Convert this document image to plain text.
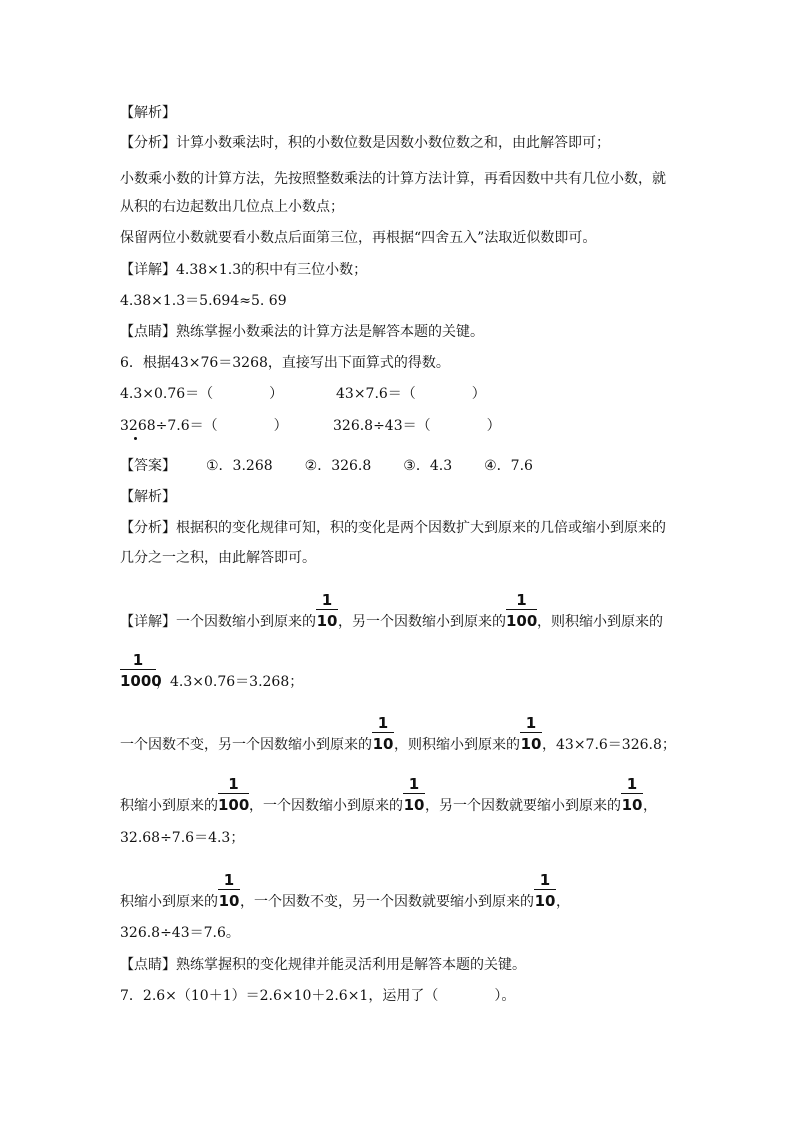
【解析】
【分析】计算小数乘法时，积的小数位数是因数小数位数之和，由此解答即可；
小数乘小数的计算方法，先按照整数乘法的计算方法计算，再看因数中共有几位小数，就
从积的右边起数出几位点上小数点；
保留两位小数就要看小数点后面第三位，再根据“四舍五入”法取近似数即可。
【详解】4.38×1.3的积中有三位小数；
4.38×1.3＝5.694≈5. 69
【点睛】熟练掌握小数乘法的计算方法是解答本题的关键。
6．根据43×76＝3268，直接写出下面算式的得数。
4.3×0.76＝（　　　　）	43×7.6＝（　　　　）
3268÷7.6＝（　　　　）	326.8÷43＝（　　　　）
【答案】 ①．3.268 ②．326.8 ③．4.3 ④．7.6
【解析】
【分析】根据积的变化规律可知，积的变化是两个因数扩大到原来的几倍或缩小到原来的
几分之一之积，由此解答即可。
【详解】一个因数缩小到原来的 $\frac{1}{10}$ ，另一个因数缩小到原来的 $\frac{1}{100}$ ，则积缩小到原来的
$\frac{1}{1000}$ ，4.3×0.76＝3.268；
一个因数不变，另一个因数缩小到原来的 $\frac{1}{10}$ ，则积缩小到原来的 $\frac{1}{10}$ ，43×7.6＝326.8；
积缩小到原来的 $\frac{1}{100}$ ，一个因数缩小到原来的 $\frac{1}{10}$ ，另一个因数就要缩小到原来的 $\frac{1}{10}$ ，
32.68÷7.6＝4.3；
积缩小到原来的 $\frac{1}{10}$ ，一个因数不变，另一个因数就要缩小到原来的 $\frac{1}{10}$ ，
326.8÷43＝7.6。
【点睛】熟练掌握积的变化规律并能灵活利用是解答本题的关键。
7．2.6×（10＋1）＝2.6×10＋2.6×1，运用了（　　　　）。
